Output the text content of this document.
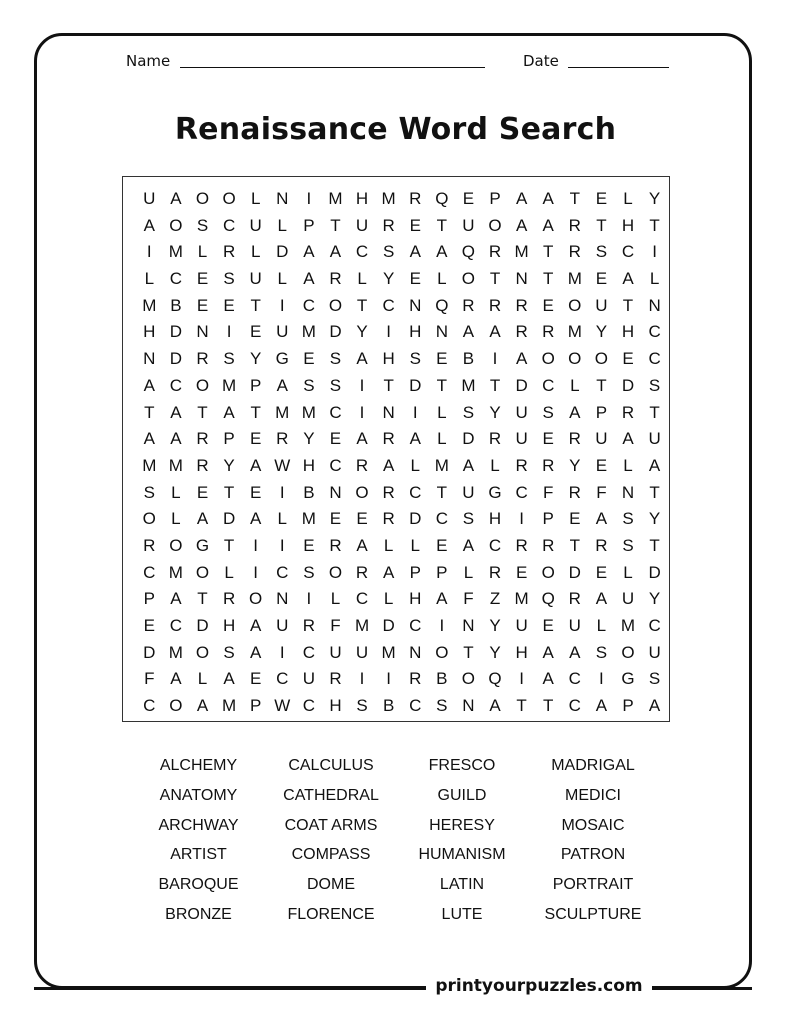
Name	Date
Renaissance Word Search
U A O O L N	I	M H M R Q E P A A T E L Y
A O S C U L P T U R E T U O A A R T H T
I	M L R L D A A C S A A Q R M T R S C	I
L C E S U L A R L Y E L O T N T M E A L
M B E E T	I	C O T C N Q R R R E O U T N
H D N	I	E U M D Y	I	H N A A R R M Y H C
N D R S Y G E S A H S E B	I	A O O O E C
A C O M P A S S	I	T D T M T D C L T D S
T A T A T M M C	I	N	I	L S Y U S A P R T
A A R P E R Y E A R A L D R U E R U A U
M M R Y A W H C R A L M A L R R Y E L A
S L E T E	I	B N O R C T U G C F R F N T
O L A D A L M E E R D C S H	I	P E A S Y
R O G T	I	I	E R A L	L E A C R R T R S T
C M O L	I	C S O R A P P L R E O D E L D
P A T R O N	I	L C L H A F Z M Q R A U Y
E C D H A U R F M D C	I	N Y U E U L M C
D M O S A	I	C U U M N O T Y H A A S O U
F A L A E C U R	I	I	R B O Q	I	A C	I	G S
C O A M P W C H S B C S N A T T C A P A
ALCHEMY	CALCULUS	FRESCO	MADRIGAL
ANATOMY	CATHEDRAL	GUILD	MEDICI
ARCHWAY	COAT ARMS	HERESY	MOSAIC
ARTIST	COMPASS	HUMANISM	PATRON
BAROQUE	DOME	LATIN	PORTRAIT
BRONZE	FLORENCE	LUTE	SCULPTURE
printyourpuzzles.com
